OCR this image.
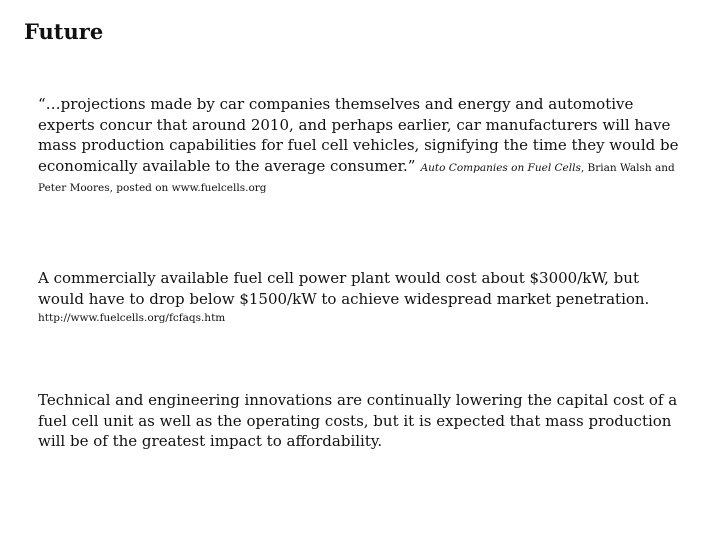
Future
“…projections made by car companies themselves and energy and automotive experts concur that around 2010, and perhaps earlier, car manufacturers will have mass production capabilities for fuel cell vehicles, signifying the time they would be economically available to the average consumer.” Auto Companies on Fuel Cells, Brian Walsh and Peter Moores, posted on www.fuelcells.org
A commercially available fuel cell power plant would cost about $3000/kW, but would have to drop below $1500/kW to achieve widespread market penetration.
http://www.fuelcells.org/fcfaqs.htm
Technical and engineering innovations are continually lowering the capital cost of a fuel cell unit as well as the operating costs, but it is expected that mass production will be of the greatest impact to affordability.
